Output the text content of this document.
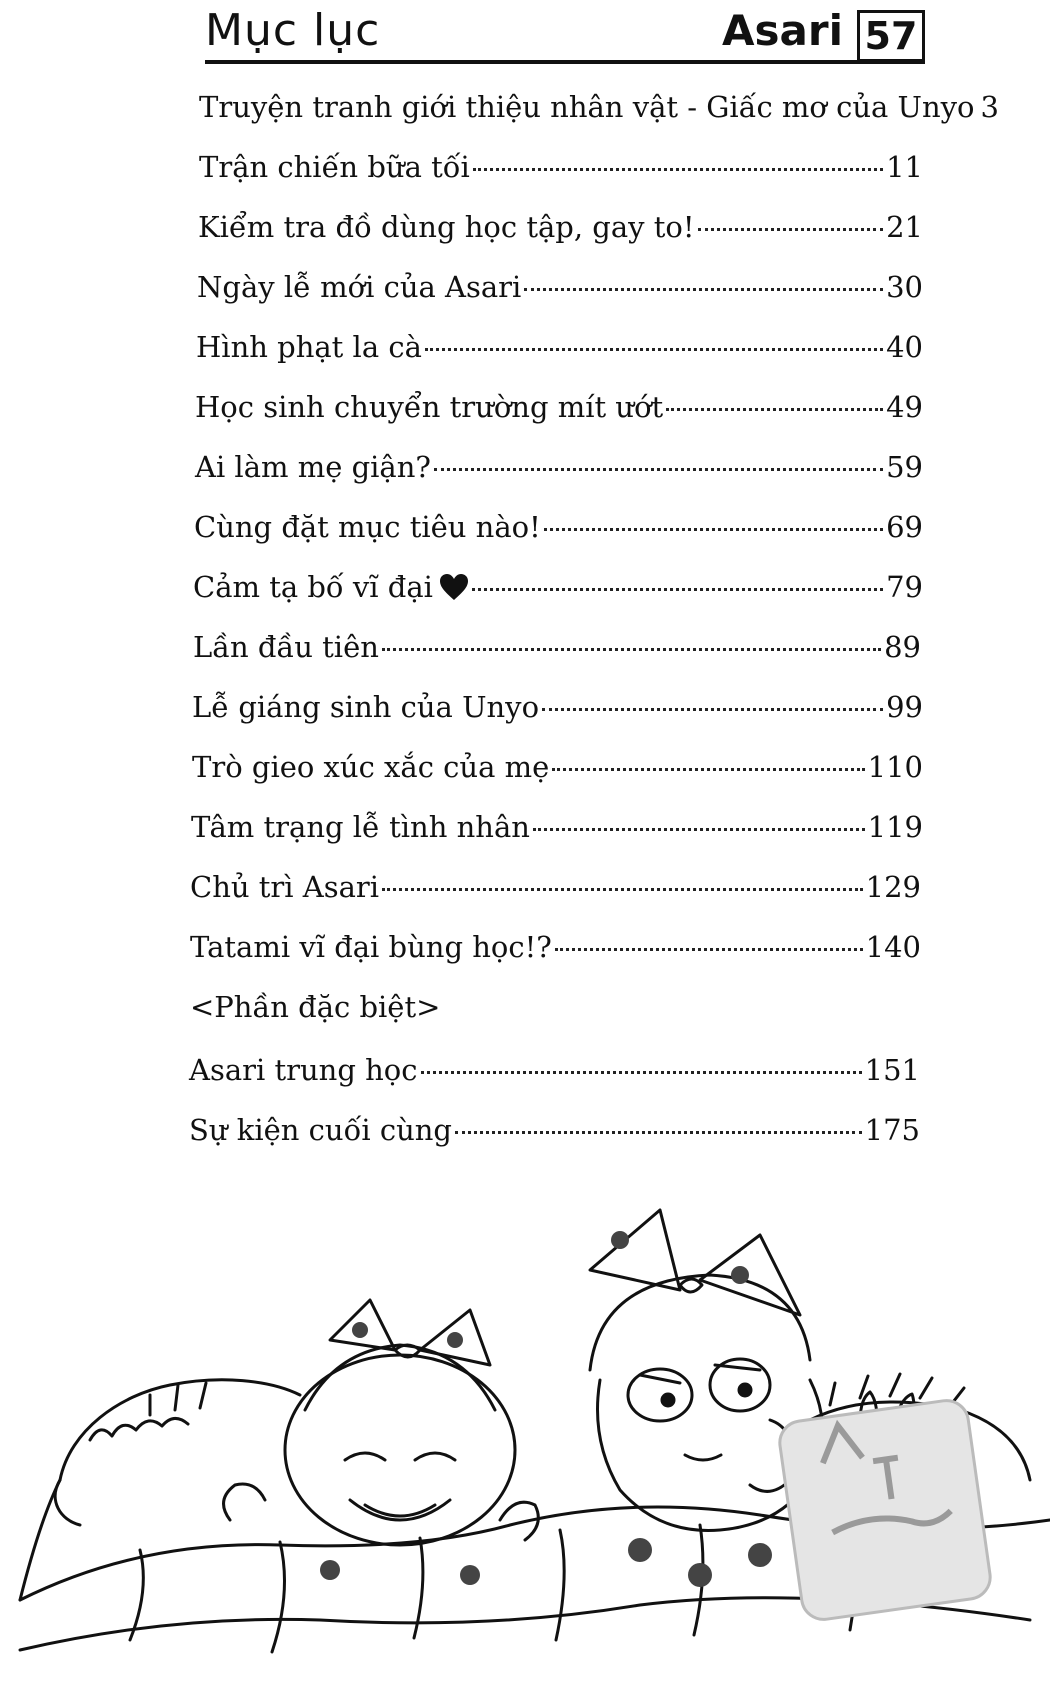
Mục lục	Asari 57
Truyện tranh giới thiệu nhân vật - Giấc mơ của Unyo 3
Trận chiến bữa tối	11
Kiểm tra đồ dùng học tập, gay to!	21
Ngày lễ mới của Asari	30
Hình phạt la cà	40
Học sinh chuyển trường mít ướt	49
Ai làm mẹ giận?	59
Cùng đặt mục tiêu nào!	69
Cảm tạ bố vĩ đại	79
Lần đầu tiên	89
Lễ giáng sinh của Unyo	99
Trò gieo xúc xắc của mẹ	110
Tâm trạng lễ tình nhân	119
Chủ trì Asari	129
Tatami vĩ đại bùng học!?	140
<Phần đặc biệt>
Asari trung học	151
Sự kiện cuối cùng	175
